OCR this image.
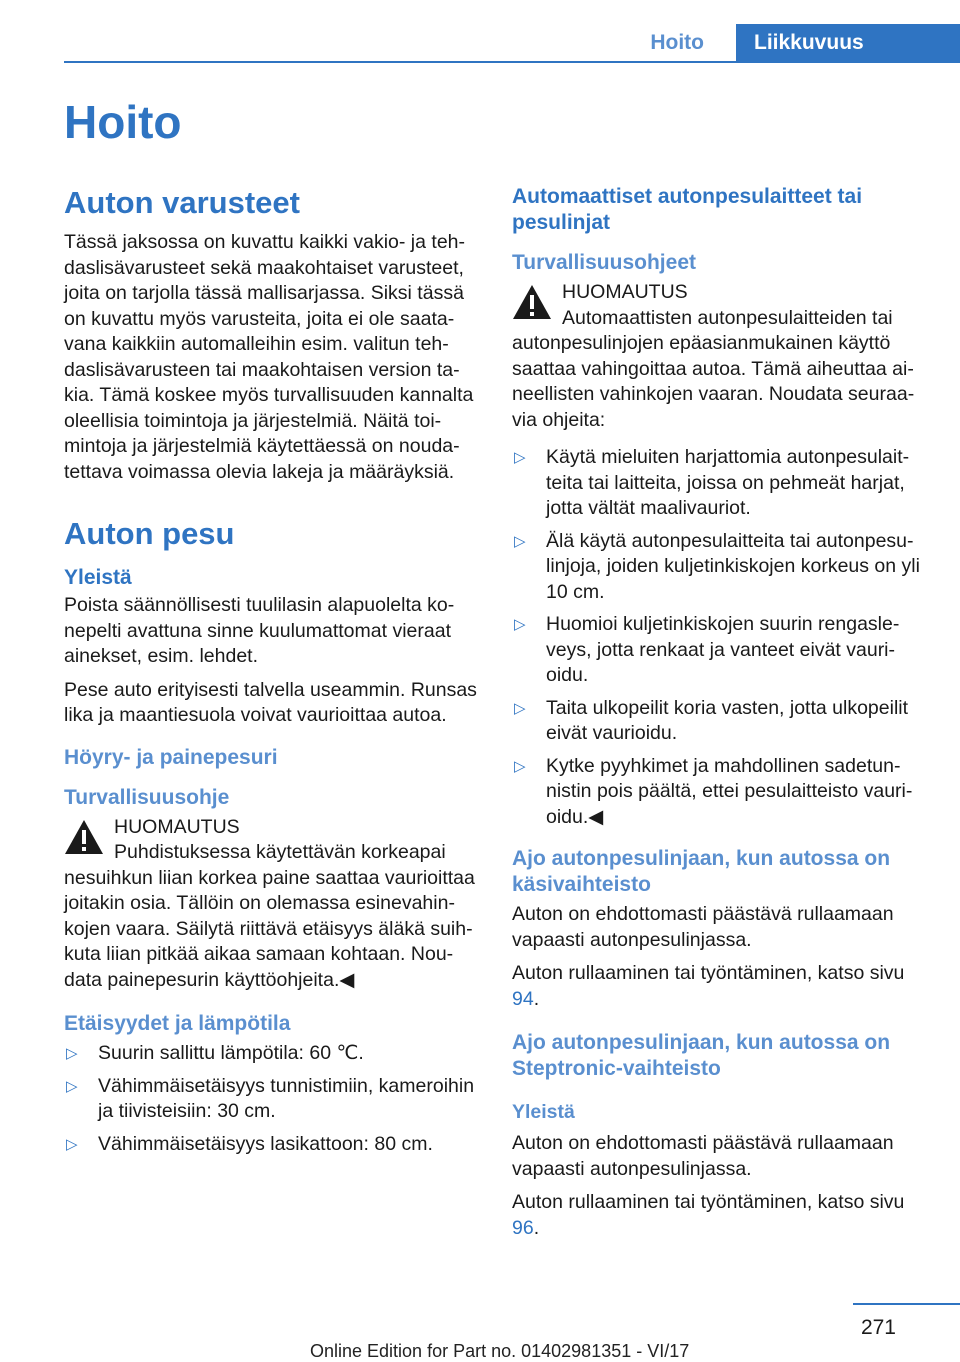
Hoito	Liikkuvuus
Hoito
Auton varusteet

Tässä jaksossa on kuvattu kaikki vakio- ja tehdaslisävarusteet sekä maakohtaiset varusteet, joita on tarjolla tässä mallisarjassa. Siksi tässä on kuvattu myös varusteita, joita ei ole saatavana kaikkiin automalleihin esim. valitun tehdaslisävarusteen tai maakohtaisen version takia. Tämä koskee myös turvallisuuden kannalta oleellisia toimintoja ja järjestelmiä. Näitä toimintoja ja järjestelmiä käytettäessä on noudatettava voimassa olevia lakeja ja määräyksiä.

Auton pesu
Yleistä

Poista säännöllisesti tuulilasin alapuolelta konepelti avattuna sinne kuulumattomat vieraat ainekset, esim. lehdet.

Pese auto erityisesti talvella useammin. Runsas lika ja maantiesuola voivat vaurioittaa autoa.

Höyry- ja painepesuri
Turvallisuusohje
HUOMAUTUS
Puhdistuksessa käytettävän korkeapai
nesuihkun liian korkea paine saattaa vaurioittaa joitakin osia. Tällöin on olemassa esinevahinkojen vaara. Säilytä riittävä etäisyys äläkä suihkuta liian pitkää aikaa samaan kohtaan. Noudata painepesurin käyttöohjeita.◀
Etäisyydet ja lämpötila
▷ Suurin sallittu lämpötila: 60 ℃.
▷ Vähimmäisetäisyys tunnistimiin, kameroihin ja tiivisteisiin: 30 cm.
▷ Vähimmäisetäisyys lasikattoon: 80 cm.
Automaattiset autonpesulaitteet tai pesulinjat
Turvallisuusohjeet
HUOMAUTUS
Automaattisten autonpesulaitteiden tai
autonpesulinjojen epäasianmukainen käyttö saattaa vahingoittaa autoa. Tämä aiheuttaa aineellisten vahinkojen vaaran. Noudata seuraavia ohjeita:
▷ Käytä mieluiten harjattomia autonpesulaitteita tai laitteita, joissa on pehmeät harjat, jotta vältät maalivauriot.
▷ Älä käytä autonpesulaitteita tai autonpesulinjoja, joiden kuljetinkiskojen korkeus on yli 10 cm.
▷ Huomioi kuljetinkiskojen suurin rengasleveys, jotta renkaat ja vanteet eivät vaurioidu.
▷ Taita ulkopeilit koria vasten, jotta ulkopeilit eivät vaurioidu.
▷ Kytke pyyhkimet ja mahdollinen sadetunnistin pois päältä, ettei pesulaitteisto vaurioidu.◀
Ajo autonpesulinjaan, kun autossa on käsivaihteisto

Auton on ehdottomasti päästävä rullaamaan vapaasti autonpesulinjassa.

Auton rullaaminen tai työntäminen, katso sivu 94.

Ajo autonpesulinjaan, kun autossa on Steptronic-vaihteisto
Yleistä

Auton on ehdottomasti päästävä rullaamaan vapaasti autonpesulinjassa.

Auton rullaaminen tai työntäminen, katso sivu 96.

271
Online Edition for Part no. 01402981351 - VI/17
